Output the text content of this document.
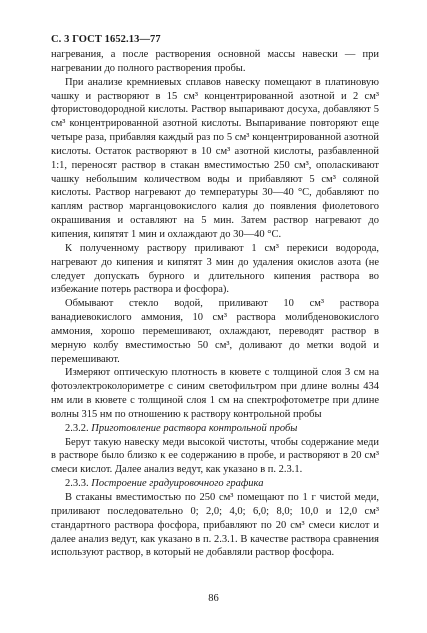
С. 3 ГОСТ 1652.13—77

нагревания, а после растворения основной массы навески — при нагревании до полного растворения пробы.

При анализе кремниевых сплавов навеску помещают в платиновую чашку и растворяют в 15 см³ концентрированной азотной и 2 см³ фтористоводородной кислоты. Раствор выпаривают досуха, добавляют 5 см³ концентрированной азотной кислоты. Выпаривание повторяют еще четыре раза, прибавляя каждый раз по 5 см³ концентрированной азотной кислоты. Остаток растворяют в 10 см³ азотной кислоты, разбавленной 1:1, переносят раствор в стакан вместимостью 250 см³, ополаскивают чашку небольшим количеством воды и прибавляют 5 см³ соляной кислоты. Раствор нагревают до температуры 30—40 °С, добавляют по каплям раствор марганцовокислого калия до появления фиолетового окрашивания и оставляют на 5 мин. Затем раствор нагревают до кипения, кипятят 1 мин и охлаждают до 30—40 °С.

К полученному раствору приливают 1 см³ перекиси водорода, нагревают до кипения и кипятят 3 мин до удаления окислов азота (не следует допускать бурного и длительного кипения раствора во избежание потерь раствора и фосфора).

Обмывают стекло водой, приливают 10 см³ раствора ванадиевокислого аммония, 10 см³ раствора молибденовокислого аммония, хорошо перемешивают, охлаждают, переводят раствор в мерную колбу вместимостью 50 см³, доливают до метки водой и перемешивают.

Измеряют оптическую плотность в кювете с толщиной слоя 3 см на фотоэлектроколориметре с синим светофильтром при длине волны 434 нм или в кювете с толщиной слоя 1 см на спектрофотометре при длине волны 315 нм по отношению к раствору контрольной пробы

2.3.2. Приготовление раствора контрольной пробы

Берут такую навеску меди высокой чистоты, чтобы содержание меди в растворе было близко к ее содержанию в пробе, и растворяют в 20 см³ смеси кислот. Далее анализ ведут, как указано в п. 2.3.1.

2.3.3. Построение градуировочного графика

В стаканы вместимостью по 250 см³ помещают по 1 г чистой меди, приливают последовательно 0; 2,0; 4,0; 6,0; 8,0; 10,0 и 12,0 см³ стандартного раствора фосфора, прибавляют по 20 см³ смеси кислот и далее анализ ведут, как указано в п. 2.3.1. В качестве раствора сравнения используют раствор, в который не добавляли раствор фосфора.

86
